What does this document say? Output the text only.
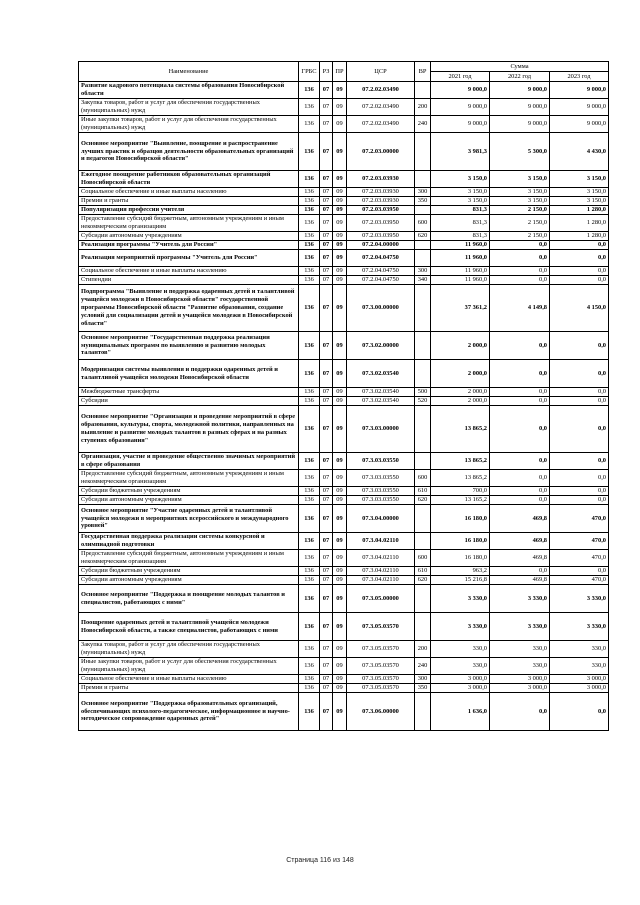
Наименование	ГРБС	РЗ	ПР	ЦСР	ВР	Сумма		
						2021 год	2022 год	2023 год
Развитие кадрового потенциала системы образования Новосибирской области	136	07	09	07.2.02.03490		9 000,0	9 000,0	9 000,0
Закупка товаров, работ и услуг для обеспечения государственных (муниципальных) нужд	136	07	09	07.2.02.03490	200	9 000,0	9 000,0	9 000,0
Иные закупки товаров, работ и услуг для обеспечения государственных (муниципальных) нужд	136	07	09	07.2.02.03490	240	9 000,0	9 000,0	9 000,0
Основное мероприятие "Выявление, поощрение и распространение лучших практик и образцов деятельности образовательных организаций и педагогов Новосибирской области"	136	07	09	07.2.03.00000		3 981,3	5 300,0	4 430,0
Ежегодное поощрение работников образовательных организаций Новосибирской области	136	07	09	07.2.03.03930		3 150,0	3 150,0	3 150,0
Социальное обеспечение и иные выплаты населению	136	07	09	07.2.03.03930	300	3 150,0	3 150,0	3 150,0
Премии и гранты	136	07	09	07.2.03.03930	350	3 150,0	3 150,0	3 150,0
Популяризация профессии учителя	136	07	09	07.2.03.03950		831,3	2 150,0	1 280,0
Предоставление субсидий бюджетным, автономным учреждениям и иным некоммерческим организациям	136	07	09	07.2.03.03950	600	831,3	2 150,0	1 280,0
Субсидии автономным учреждениям	136	07	09	07.2.03.03950	620	831,3	2 150,0	1 280,0
Реализация программы "Учитель для России"	136	07	09	07.2.04.00000		11 960,0	0,0	0,0
Реализация мероприятий программы "Учитель для России"	136	07	09	07.2.04.04750		11 960,0	0,0	0,0
Социальное обеспечение и иные выплаты населению	136	07	09	07.2.04.04750	300	11 960,0	0,0	0,0
Стипендии	136	07	09	07.2.04.04750	340	11 960,0	0,0	0,0
Подпрограмма "Выявление и поддержка одаренных детей и талантливой учащейся молодежи в Новосибирской области" государственной программы Новосибирской области "Развитие образования, создание условий для социализации детей и учащейся молодежи в Новосибирской области"	136	07	09	07.3.00.00000		37 361,2	4 149,8	4 150,0
Основное мероприятие "Государственная поддержка реализации муниципальных программ по выявлению и развитию молодых талантов"	136	07	09	07.3.02.00000		2 000,0	0,0	0,0
Модернизация системы выявления и поддержки одаренных детей и талантливой учащейся молодежи Новосибирской области	136	07	09	07.3.02.03540		2 000,0	0,0	0,0
Межбюджетные трансферты	136	07	09	07.3.02.03540	500	2 000,0	0,0	0,0
Субсидии	136	07	09	07.3.02.03540	520	2 000,0	0,0	0,0
Основное мероприятие "Организация и проведение мероприятий в сфере образования, культуры, спорта, молодежной политики, направленных на выявление и развитие молодых талантов в разных сферах и на разных ступенях образования"	136	07	09	07.3.03.00000		13 865,2	0,0	0,0
Организация, участие и проведение общественно значимых мероприятий в сфере образования	136	07	09	07.3.03.03550		13 865,2	0,0	0,0
Предоставление субсидий бюджетным, автономным учреждениям и иным некоммерческим организациям	136	07	09	07.3.03.03550	600	13 865,2	0,0	0,0
Субсидии бюджетным учреждениям	136	07	09	07.3.03.03550	610	700,0	0,0	0,0
Субсидии автономным учреждениям	136	07	09	07.3.03.03550	620	13 165,2	0,0	0,0
Основное мероприятие "Участие одаренных детей и талантливой учащейся молодежи в мероприятиях всероссийского и международного уровней"	136	07	09	07.3.04.00000		16 180,0	469,8	470,0
Государственная поддержка реализации системы конкурсной и олимпиадной подготовки	136	07	09	07.3.04.02110		16 180,0	469,8	470,0
Предоставление субсидий бюджетным, автономным учреждениям и иным некоммерческим организациям	136	07	09	07.3.04.02110	600	16 180,0	469,8	470,0
Субсидии бюджетным учреждениям	136	07	09	07.3.04.02110	610	963,2	0,0	0,0
Субсидии автономным учреждениям	136	07	09	07.3.04.02110	620	15 216,8	469,8	470,0
Основное мероприятие "Поддержка и поощрение молодых талантов и специалистов, работающих с ними"	136	07	09	07.3.05.00000		3 330,0	3 330,0	3 330,0
Поощрение одаренных детей и талантливой учащейся молодежи Новосибирской области, а также специалистов, работающих с ними	136	07	09	07.3.05.03570		3 330,0	3 330,0	3 330,0
Закупка товаров, работ и услуг для обеспечения государственных (муниципальных) нужд	136	07	09	07.3.05.03570	200	330,0	330,0	330,0
Иные закупки товаров, работ и услуг для обеспечения государственных (муниципальных) нужд	136	07	09	07.3.05.03570	240	330,0	330,0	330,0
Социальное обеспечение и иные выплаты населению	136	07	09	07.3.05.03570	300	3 000,0	3 000,0	3 000,0
Премии и гранты	136	07	09	07.3.05.03570	350	3 000,0	3 000,0	3 000,0
Основное мероприятие "Поддержка образовательных организаций, обеспечивающих психолого-педагогическое, информационное и научно-методическое сопровождение одаренных детей"	136	07	09	07.3.06.00000		1 636,0	0,0	0,0
Страница 116 из 148
